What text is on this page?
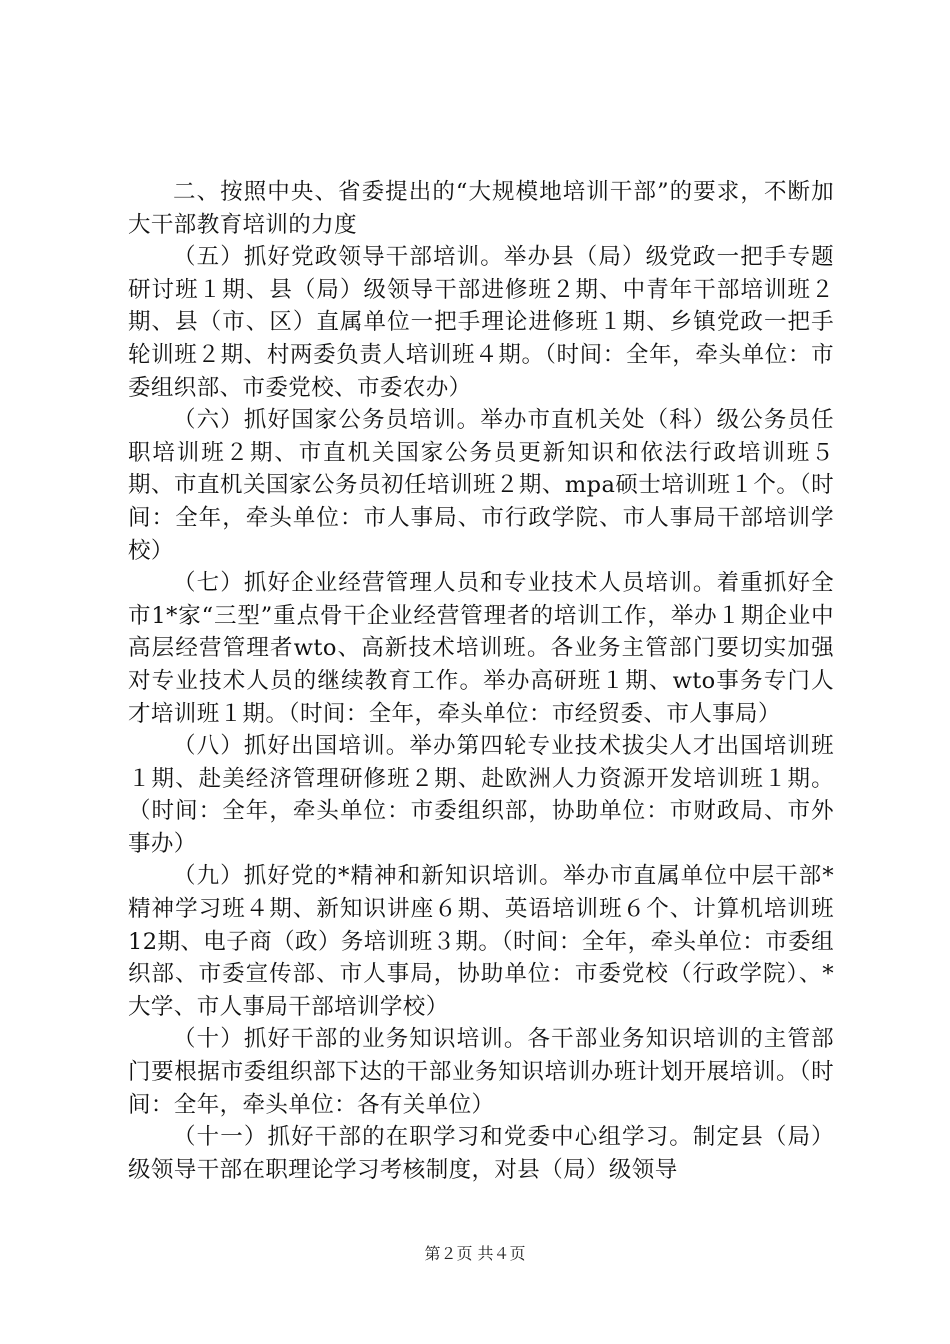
二、按照中央、省委提出的“大规模地培训干部”的要求，不断加大干部教育培训的力度

（五）抓好党政领导干部培训。举办县（局）级党政一把手专题研讨班１期、县（局）级领导干部进修班２期、中青年干部培训班２期、县（市、区）直属单位一把手理论进修班１期、乡镇党政一把手轮训班２期、村两委负责人培训班４期。（时间：全年，牵头单位：市委组织部、市委党校、市委农办）

（六）抓好国家公务员培训。举办市直机关处（科）级公务员任职培训班２期、市直机关国家公务员更新知识和依法行政培训班５期、市直机关国家公务员初任培训班２期、mpa硕士培训班１个。（时间：全年，牵头单位：市人事局、市行政学院、市人事局干部培训学校）

（七）抓好企业经营管理人员和专业技术人员培训。着重抓好全市1*家“三型”重点骨干企业经营管理者的培训工作，举办１期企业中高层经营管理者wto、高新技术培训班。各业务主管部门要切实加强对专业技术人员的继续教育工作。举办高研班１期、wto事务专门人才培训班１期。（时间：全年，牵头单位：市经贸委、市人事局）

（八）抓好出国培训。举办第四轮专业技术拔尖人才出国培训班１期、赴美经济管理研修班２期、赴欧洲人力资源开发培训班１期。（时间：全年，牵头单位：市委组织部，协助单位：市财政局、市外事办）

（九）抓好党的*精神和新知识培训。举办市直属单位中层干部*精神学习班４期、新知识讲座６期、英语培训班６个、计算机培训班12期、电子商（政）务培训班３期。（时间：全年，牵头单位：市委组织部、市委宣传部、市人事局，协助单位：市委党校（行政学院）、*大学、市人事局干部培训学校）

（十）抓好干部的业务知识培训。各干部业务知识培训的主管部门要根据市委组织部下达的干部业务知识培训办班计划开展培训。（时间：全年，牵头单位：各有关单位）

（十一）抓好干部的在职学习和党委中心组学习。制定县（局）级领导干部在职理论学习考核制度，对县（局）级领导

第２页 共４页
